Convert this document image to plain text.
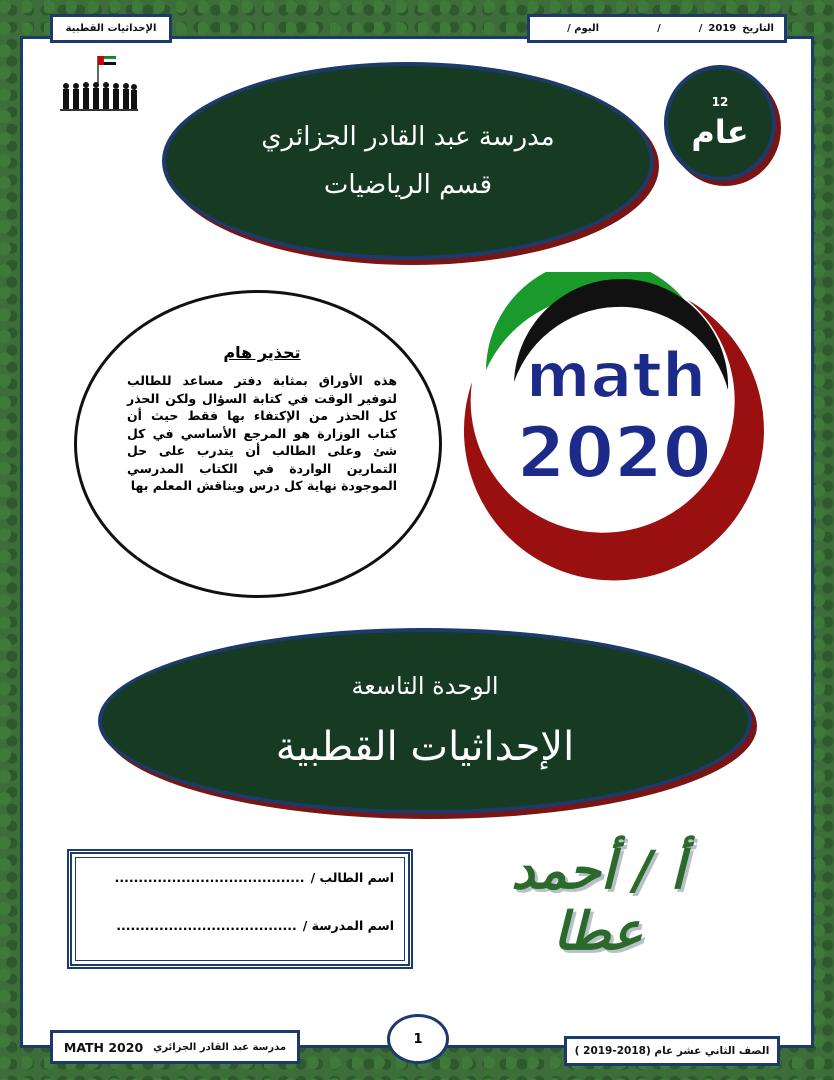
الإحداثيات القطبية	التاريخ
2019
/
/
اليوم /
12
عام
مدرسة عبد القادر الجزائري
قسم الرياضيات
تحذير هام
هذه الأوراق بمثابة دفتر مساعد للطالب لتوفير الوقت في كتابة السؤال ولكن الحذر كل الحذر من الإكتفاء بها فقط حيث أن كتاب الوزارة هو المرجع الأساسي في كل شئ وعلى الطالب أن يتدرب على حل التمارين الواردة في الكتاب المدرسي الموجودة نهاية كل درس ويناقش المعلم بها
math
2020
الوحدة التاسعة
الإحداثيات القطبية
اسم الطالب /
........................................
اسم المدرسة /
......................................
أ / أحمد عطا
مدرسة عبد القادر الجزائري
MATH 2020
1
الصف الثاني عشر عام (2018-2019 )
